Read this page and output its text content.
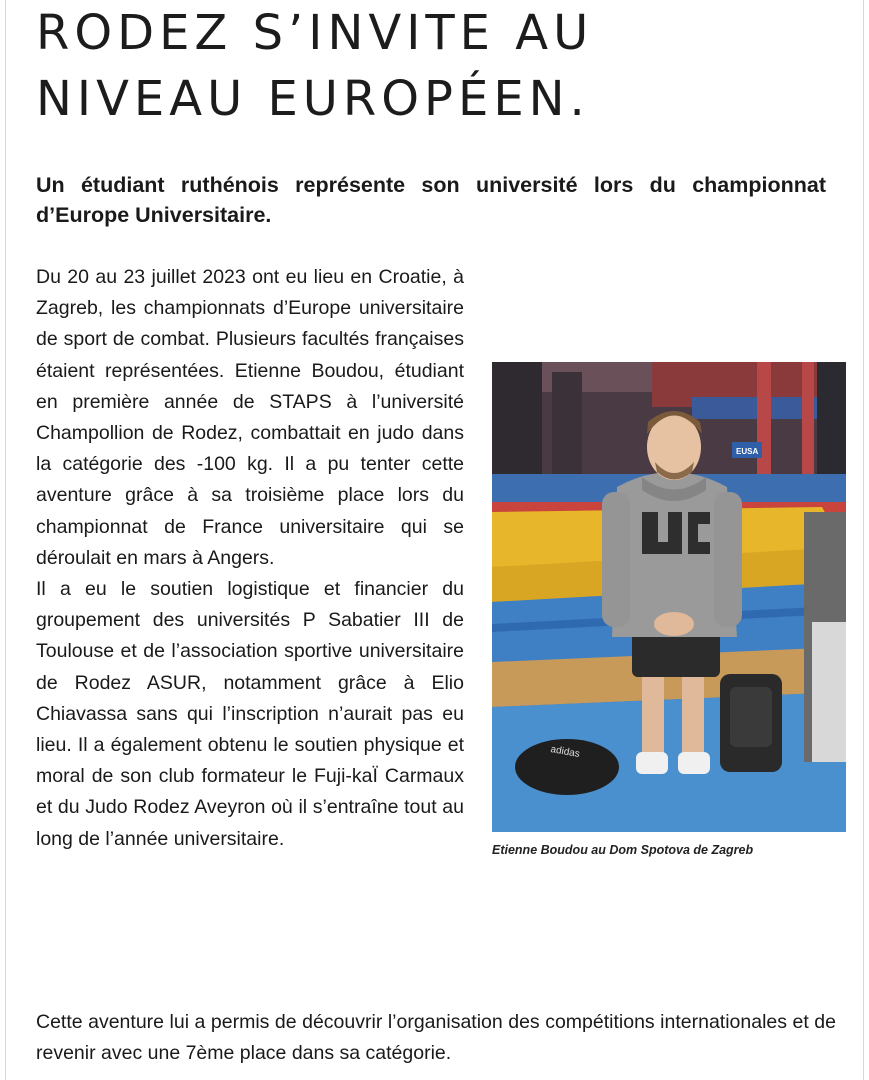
RODEZ S’INVITE AU
NIVEAU EUROPÉEN.

Un étudiant ruthénois représente son université lors du championnat d’Europe Universitaire.

Du 20 au 23 juillet 2023 ont eu lieu en Croatie, à Zagreb, les championnats d’Europe universitaire de sport de combat. Plusieurs facultés françaises étaient représentées. Etienne Boudou, étudiant en première année de STAPS à l’université Champollion de Rodez, combattait en judo dans la catégorie des -100 kg. Il a pu tenter cette aventure grâce à sa troisième place lors du championnat de France universitaire qui se déroulait en mars à Angers.

Il a eu le soutien logistique et financier du groupement des universités P Sabatier III de Toulouse et de l’association sportive universitaire de Rodez ASUR, notamment grâce à Elio Chiavassa sans qui l’inscription n’aurait pas eu lieu. Il a également obtenu le soutien physique et moral de son club formateur le Fuji-kaÏ Carmaux et du Judo Rodez Aveyron où il s’entraîne tout au long de l’année universitaire.

EUSA
adidas
Etienne Boudou au Dom Spotova de Zagreb

Cette aventure lui a permis de découvrir l’organisation des compétitions internationales et de revenir avec une 7ème place dans sa catégorie.
